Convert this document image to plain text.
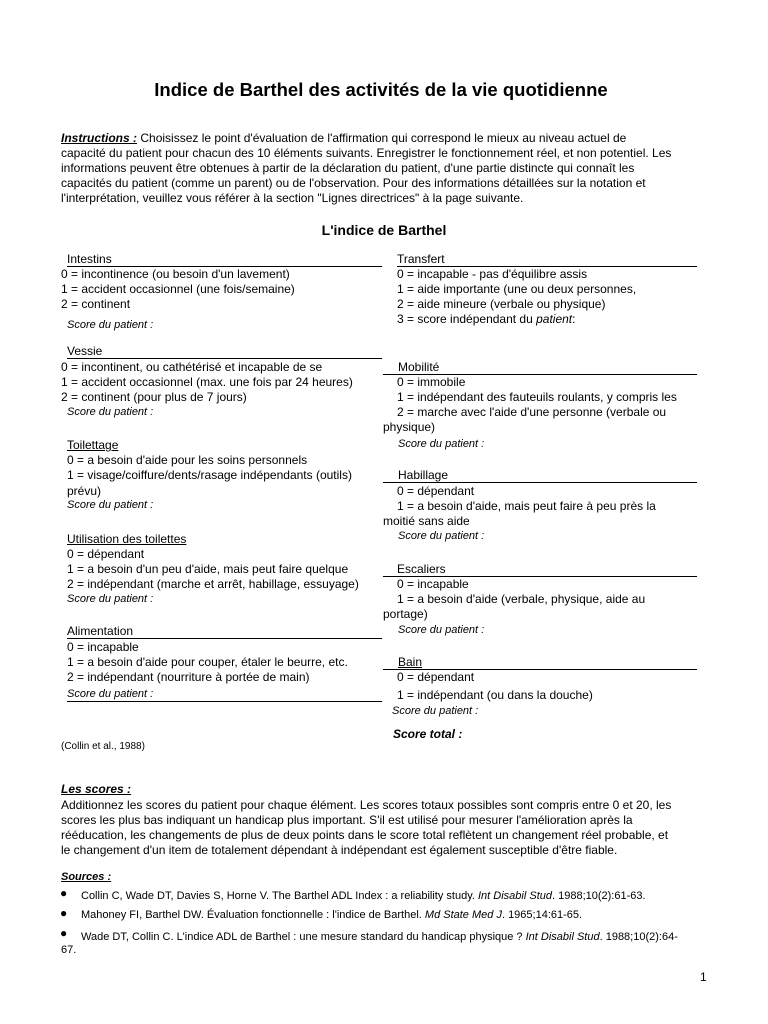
Indice de Barthel des activités de la vie quotidienne
Instructions : Choisissez le point d'évaluation de l'affirmation qui correspond le mieux au niveau actuel de
capacité du patient pour chacun des 10 éléments suivants. Enregistrer le fonctionnement réel, et non potentiel. Les
informations peuvent être obtenues à partir de la déclaration du patient, d'une partie distincte qui connaît les
capacités du patient (comme un parent) ou de l'observation. Pour des informations détaillées sur la notation et
l'interprétation, veuillez vous référer à la section "Lignes directrices" à la page suivante.
L'indice de Barthel
Intestins
0 = incontinence (ou besoin d'un lavement)
1 = accident occasionnel (une fois/semaine)
2 = continent
Score du patient :
Vessie
0 = incontinent, ou cathétérisé et incapable de se
1 = accident occasionnel (max. une fois par 24 heures)
2 = continent (pour plus de 7 jours)
Score du patient :
Toilettage
0 = a besoin d'aide pour les soins personnels
1 = visage/coiffure/dents/rasage indépendants (outils)
prévu)
Score du patient :
Utilisation des toilettes
0 = dépendant
1 = a besoin d'un peu d'aide, mais peut faire quelque
2 = indépendant (marche et arrêt, habillage, essuyage)
Score du patient :
Alimentation
0 = incapable
1 = a besoin d'aide pour couper, étaler le beurre, etc.
2 = indépendant (nourriture à portée de main)
Score du patient :
Transfert
0 = incapable - pas d'équilibre assis
1 = aide importante (une ou deux personnes,
2 = aide mineure (verbale ou physique)
3 = score indépendant du patient:
Mobilité
0 = immobile
1 = indépendant des fauteuils roulants, y compris les
2 = marche avec l'aide d'une personne (verbale ou
physique)
Score du patient :
Habillage
0 = dépendant
1 = a besoin d'aide, mais peut faire à peu près la
moitié sans aide
Score du patient :
Escaliers
0 = incapable
1 = a besoin d'aide (verbale, physique, aide au
portage)
Score du patient :
Bain
0 = dépendant
1 = indépendant (ou dans la douche)
Score du patient :
Score total :
(Collin et al., 1988)
Les scores :
Additionnez les scores du patient pour chaque élément. Les scores totaux possibles sont compris entre 0 et 20, les
scores les plus bas indiquant un handicap plus important. S'il est utilisé pour mesurer l'amélioration après la
rééducation, les changements de plus de deux points dans le score total reflètent un changement réel probable, et
le changement d'un item de totalement dépendant à indépendant est également susceptible d'être fiable.
Sources :
● Collin C, Wade DT, Davies S, Horne V. The Barthel ADL Index : a reliability study. Int Disabil Stud. 1988;10(2):61-63.
● Mahoney FI, Barthel DW. Évaluation fonctionnelle : l'indice de Barthel. Md State Med J. 1965;14:61-65.
● Wade DT, Collin C. L'indice ADL de Barthel : une mesure standard du handicap physique ? Int Disabil Stud. 1988;10(2):64-
67.
1
